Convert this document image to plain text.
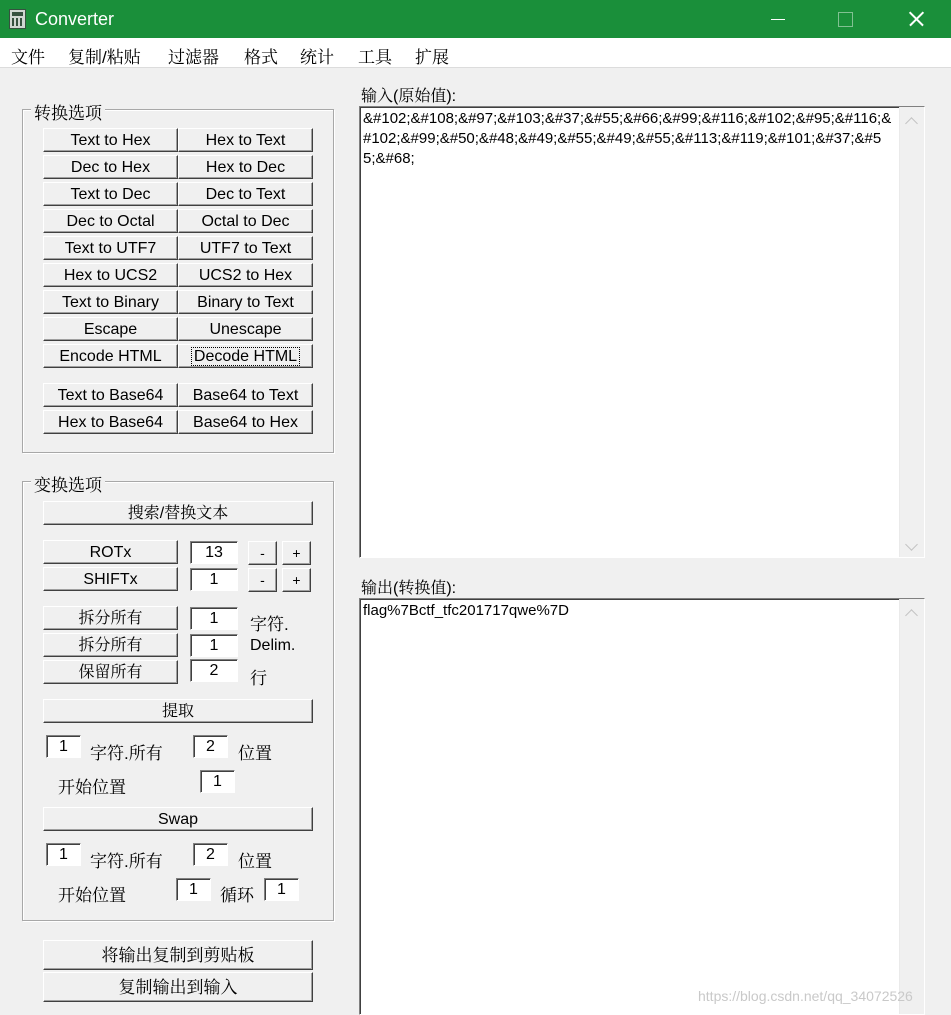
Converter
文件 复制/粘贴 过滤器 格式 统计 工具 扩展
转换选项
Text to Hex	Hex to Text
Dec to Hex	Hex to Dec
Text to Dec	Dec to Text
Dec to Octal	Octal to Dec
Text to UTF7	UTF7 to Text
Hex to UCS2	UCS2 to Hex
Text to Binary	Binary to Text
Escape	Unescape
Encode HTML	Decode HTML
Text to Base64	Base64 to Text
Hex to Base64	Base64 to Hex
变换选项
搜索/替换文本
ROTx	13	-	+
SHIFTx	1	-	+
拆分所有	1	字符.
拆分所有	1	Delim.
保留所有	2	行
提取
1	字符.所有	2	位置
开始位置	1
Swap
1	字符.所有	2	位置
开始位置	1	循环	1
将输出复制到剪贴板
复制输出到输入
输入(原始值):
&#102;&#108;&#97;&#103;&#37;&#55;&#66;&#99;&#116;&#102;&#95;&#116;&#102;&#99;&#50;&#48;&#49;&#55;&#49;&#55;&#113;&#119;&#101;&#37;&#55;&#68;
输出(转换值):
flag%7Bctf_tfc201717qwe%7D
https://blog.csdn.net/qq_34072526
